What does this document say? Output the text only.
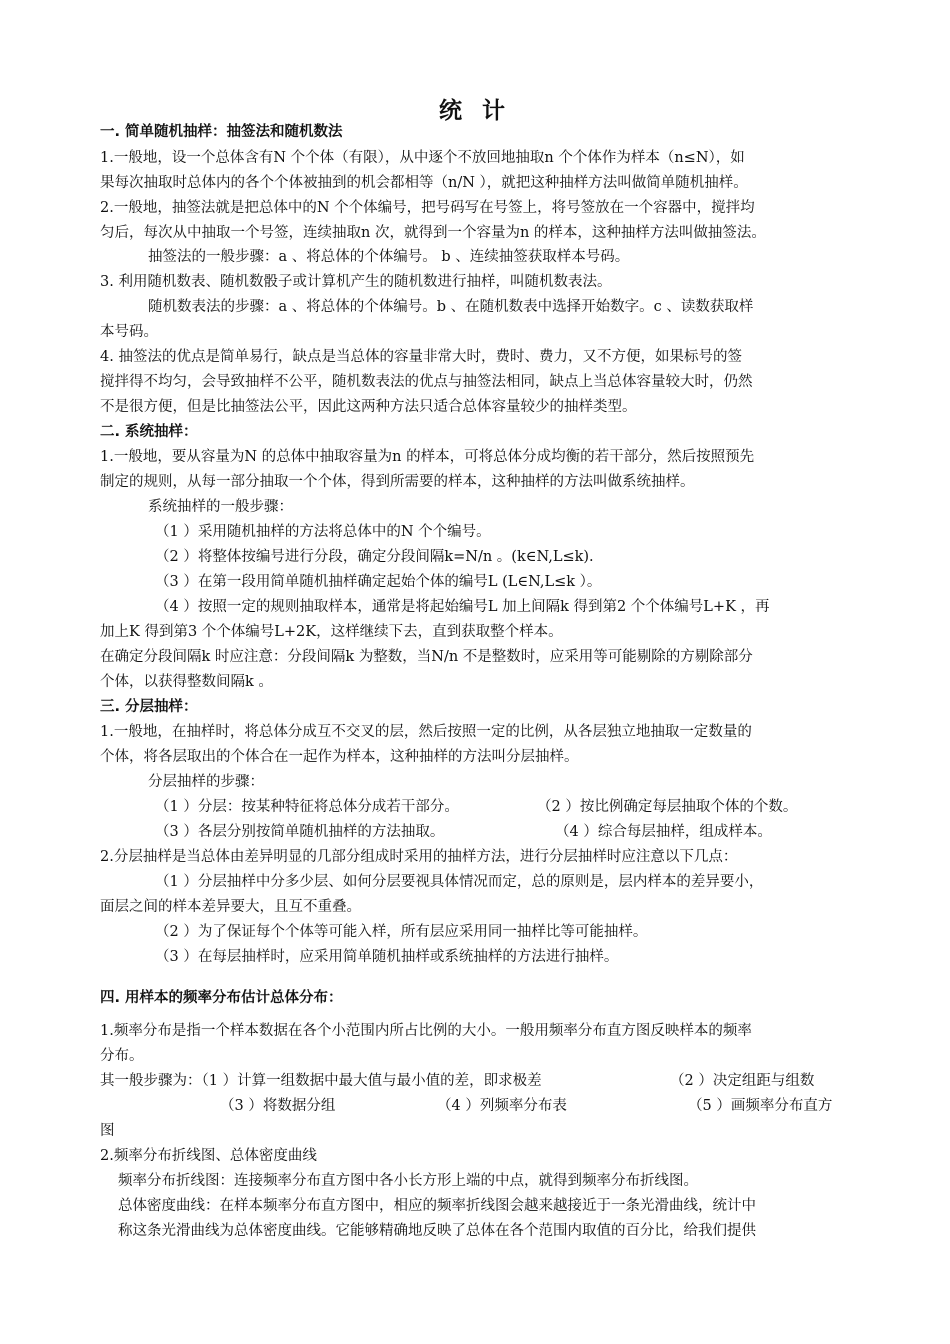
统 计
一. 简单随机抽样：抽签法和随机数法
1.一般地，设一个总体含有N 个个体（有限），从中逐个不放回地抽取n 个个体作为样本（n≤N），如
果每次抽取时总体内的各个个体被抽到的机会都相等（n/N ），就把这种抽样方法叫做简单随机抽样。
2.一般地，抽签法就是把总体中的N 个个体编号，把号码写在号签上，将号签放在一个容器中，搅拌均
匀后，每次从中抽取一个号签，连续抽取n 次，就得到一个容量为n 的样本，这种抽样方法叫做抽签法。
抽签法的一般步骤：a 、将总体的个体编号。 b 、连续抽签获取样本号码。
3. 利用随机数表、随机数骰子或计算机产生的随机数进行抽样，叫随机数表法。
随机数表法的步骤：a 、将总体的个体编号。b 、在随机数表中选择开始数字。c 、读数获取样
本号码。
4. 抽签法的优点是简单易行，缺点是当总体的容量非常大时，费时、费力，又不方便，如果标号的签
搅拌得不均匀，会导致抽样不公平，随机数表法的优点与抽签法相同，缺点上当总体容量较大时，仍然
不是很方便，但是比抽签法公平，因此这两种方法只适合总体容量较少的抽样类型。
二. 系统抽样：
1.一般地，要从容量为N 的总体中抽取容量为n 的样本，可将总体分成均衡的若干部分，然后按照预先
制定的规则，从每一部分抽取一个个体，得到所需要的样本，这种抽样的方法叫做系统抽样。
系统抽样的一般步骤：
（1 ）采用随机抽样的方法将总体中的N 个个编号。
（2 ）将整体按编号进行分段，确定分段间隔k=N/n 。(k∈N,L≤k).
（3 ）在第一段用简单随机抽样确定起始个体的编号L (L∈N,L≤k ）。
（4 ）按照一定的规则抽取样本，通常是将起始编号L 加上间隔k 得到第2 个个体编号L+K ，再
加上K 得到第3 个个体编号L+2K，这样继续下去，直到获取整个样本。
在确定分段间隔k 时应注意：分段间隔k 为整数，当N/n 不是整数时，应采用等可能剔除的方剔除部分
个体，以获得整数间隔k 。
三. 分层抽样：
1.一般地，在抽样时，将总体分成互不交叉的层，然后按照一定的比例，从各层独立地抽取一定数量的
个体，将各层取出的个体合在一起作为样本，这种抽样的方法叫分层抽样。
分层抽样的步骤：
（1 ）分层：按某种特征将总体分成若干部分。	（2 ）按比例确定每层抽取个体的个数。
（3 ）各层分别按简单随机抽样的方法抽取。	（4 ）综合每层抽样，组成样本。
2.分层抽样是当总体由差异明显的几部分组成时采用的抽样方法，进行分层抽样时应注意以下几点：
（1 ）分层抽样中分多少层、如何分层要视具体情况而定，总的原则是，层内样本的差异要小，
面层之间的样本差异要大，且互不重叠。
（2 ）为了保证每个个体等可能入样，所有层应采用同一抽样比等可能抽样。
（3 ）在每层抽样时，应采用简单随机抽样或系统抽样的方法进行抽样。
四. 用样本的频率分布估计总体分布：
1.频率分布是指一个样本数据在各个小范围内所占比例的大小。一般用频率分布直方图反映样本的频率
分布。
其一般步骤为：（1 ）计算一组数据中最大值与最小值的差，即求极差	（2 ）决定组距与组数
（3 ）将数据分组	（4 ）列频率分布表	（5 ）画频率分布直方
图
2.频率分布折线图、总体密度曲线
频率分布折线图：连接频率分布直方图中各小长方形上端的中点，就得到频率分布折线图。
总体密度曲线：在样本频率分布直方图中，相应的频率折线图会越来越接近于一条光滑曲线，统计中
称这条光滑曲线为总体密度曲线。它能够精确地反映了总体在各个范围内取值的百分比，给我们提供
